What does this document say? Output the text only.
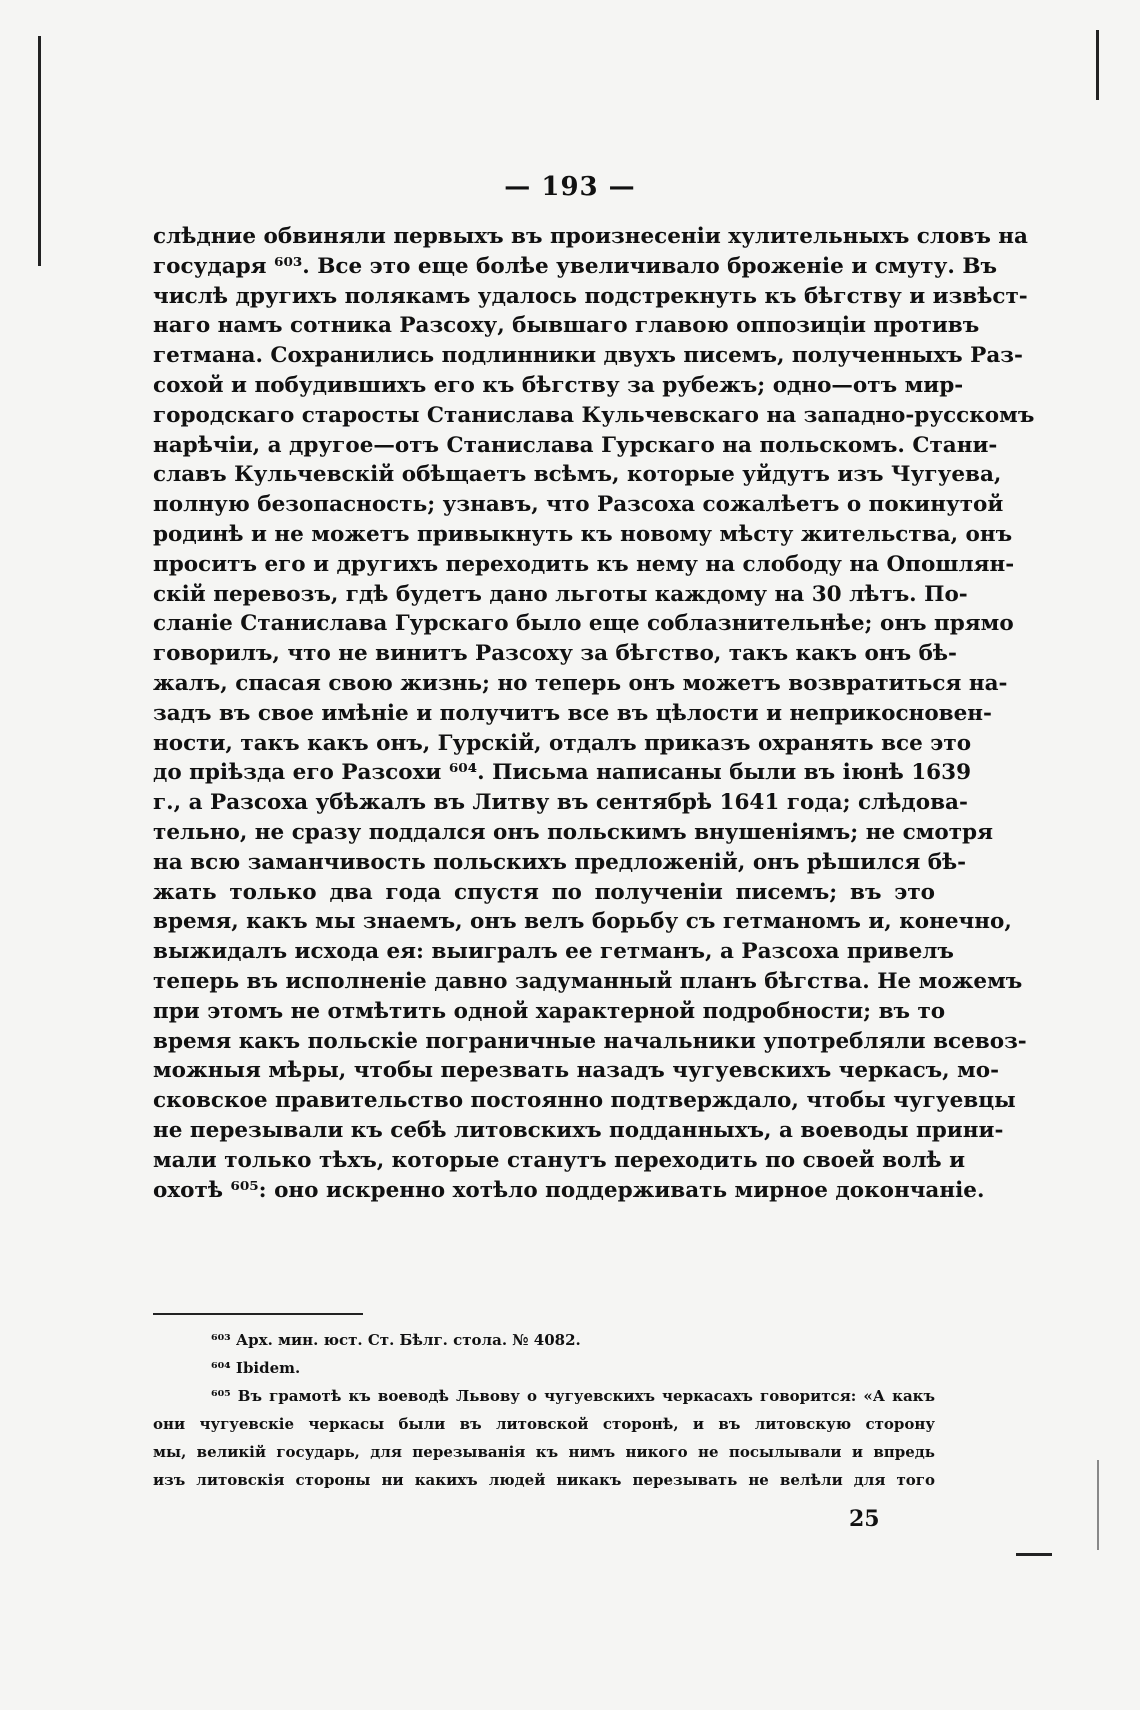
— 193 —
слѣдние обвиняли первыхъ въ произнесеніи хулительныхъ словъ на
государя ⁶⁰³. Все это еще болѣе увеличивало броженіе и смуту. Въ
числѣ другихъ полякамъ удалось подстрекнуть къ бѣгству и извѣст-
наго намъ сотника Разсоху, бывшаго главою оппозиціи противъ
гетмана. Сохранились подлинники двухъ писемъ, полученныхъ Раз-
сохой и побудившихъ его къ бѣгству за рубежъ; одно—отъ мир-
городскаго старосты Станислава Кульчевскаго на западно-русскомъ
нарѣчіи, а другое—отъ Станислава Гурскаго на польскомъ. Стани-
славъ Кульчевскій обѣщаетъ всѣмъ, которые уйдутъ изъ Чугуева,
полную безопасность; узнавъ, что Разсоха сожалѣетъ о покинутой
родинѣ и не можетъ привыкнуть къ новому мѣсту жительства, онъ
проситъ его и другихъ переходить къ нему на слободу на Опошлян-
скій перевозъ, гдѣ будетъ дано льготы каждому на 30 лѣтъ. По-
сланіе Станислава Гурскаго было еще соблазнительнѣе; онъ прямо
говорилъ, что не винитъ Разсоху за бѣгство, такъ какъ онъ бѣ-
жалъ, спасая свою жизнь; но теперь онъ можетъ возвратиться на-
задъ въ свое имѣніе и получитъ все въ цѣлости и неприкосновен-
ности, такъ какъ онъ, Гурскій, отдалъ приказъ охранять все это
до пріѣзда его Разсохи ⁶⁰⁴. Письма написаны были въ іюнѣ 1639
г., а Разсоха убѣжалъ въ Литву въ сентябрѣ 1641 года; слѣдова-
тельно, не сразу поддался онъ польскимъ внушеніямъ; не смотря
на всю заманчивость польскихъ предложеній, онъ рѣшился бѣ-
жать только два года спустя по полученіи писемъ; въ это
время, какъ мы знаемъ, онъ велъ борьбу съ гетманомъ и, конечно,
выжидалъ исхода ея: выигралъ ее гетманъ, а Разсоха привелъ
теперь въ исполненіе давно задуманный планъ бѣгства. Не можемъ
при этомъ не отмѣтить одной характерной подробности; въ то
время какъ польскіе пограничные начальники употребляли всевоз-
можныя мѣры, чтобы перезвать назадъ чугуевскихъ черкасъ, мо-
сковское правительство постоянно подтверждало, чтобы чугуевцы
не перезывали къ себѣ литовскихъ подданныхъ, а воеводы прини-
мали только тѣхъ, которые станутъ переходить по своей волѣ и
охотѣ ⁶⁰⁵: оно искренно хотѣло поддерживать мирное докончаніе.
⁶⁰³ Арх. мин. юст. Ст. Бѣлг. стола. № 4082.
⁶⁰⁴ Ibidem.
⁶⁰⁵ Въ грамотѣ къ воеводѣ Львову о чугуевскихъ черкасахъ говорится: «А какъ
они чугуевскіе черкасы были въ литовской сторонѣ, и въ литовскую сторону
мы, великій государь, для перезыванія къ нимъ никого не посылывали и впредь
изъ литовскія стороны ни какихъ людей никакъ перезывать не велѣли для того
25
